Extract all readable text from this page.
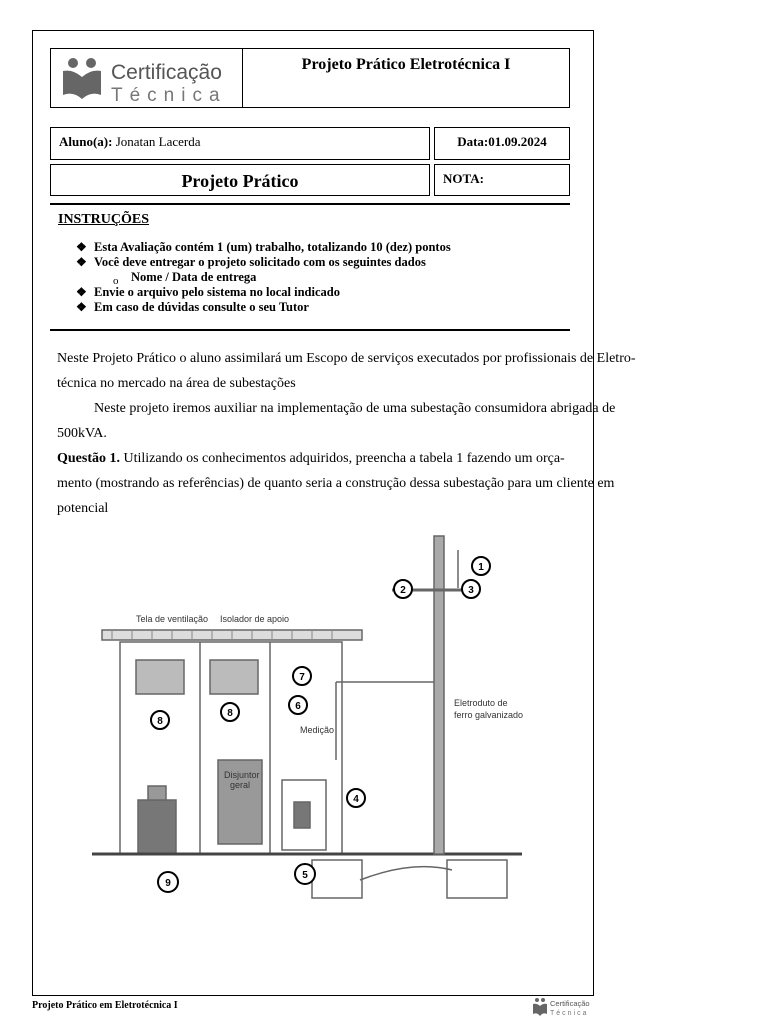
Certificação
Técnica
Projeto Prático Eletrotécnica I
Aluno(a): Jonatan Lacerda	Data:01.09.2024
Projeto Prático	NOTA:
INSTRUÇÕES
❖ Esta Avaliação contém 1 (um) trabalho, totalizando 10 (dez) pontos
❖ Você deve entregar o projeto solicitado com os seguintes dados
o Nome / Data de entrega
❖ Envie o arquivo pelo sistema no local indicado
❖ Em caso de dúvidas consulte o seu Tutor
Neste Projeto Prático o aluno assimilará um Escopo de serviços executados por profissionais de Eletro-
técnica no mercado na área de subestações
Neste projeto iremos auxiliar na implementação de uma subestação consumidora abrigada de
500kVA.
Questão 1. Utilizando os conhecimentos adquiridos, preencha a tabela 1 fazendo um orça-
mento (mostrando as referências) de quanto seria a construção dessa subestação para um cliente em
potencial
Tela de ventilação Isolador de apoio
Disjuntor
geral
Medição
Eletroduto de
ferro galvanizado
1
2	3
4
5
6
7
8
8
9
Projeto Prático em Eletrotécnica I	Certificação
Técnica
